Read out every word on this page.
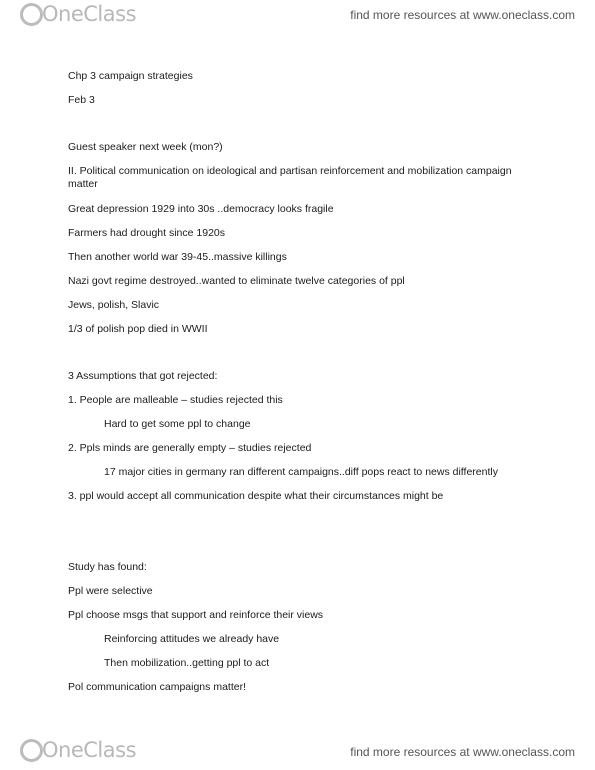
OneClass	find more resources at www.oneclass.com
Chp 3 campaign strategies
Feb 3
Guest speaker next week (mon?)
II. Political communication on ideological and partisan reinforcement and mobilization campaign matter
Great depression 1929 into 30s ..democracy looks fragile
Farmers had drought since 1920s
Then another world war 39-45..massive killings
Nazi govt regime destroyed..wanted to eliminate twelve categories of ppl
Jews, polish, Slavic
1/3 of polish pop died in WWII
3 Assumptions that got rejected:
1. People are malleable – studies rejected this
Hard to get some ppl to change
2. Ppls minds are generally empty – studies rejected
17 major cities in germany ran different campaigns..diff pops react to news differently
3. ppl would accept all communication despite what their circumstances might be
Study has found:
Ppl were selective
Ppl choose msgs that support and reinforce their views
Reinforcing attitudes we already have
Then mobilization..getting ppl to act
Pol communication campaigns matter!
OneClass	find more resources at www.oneclass.com
